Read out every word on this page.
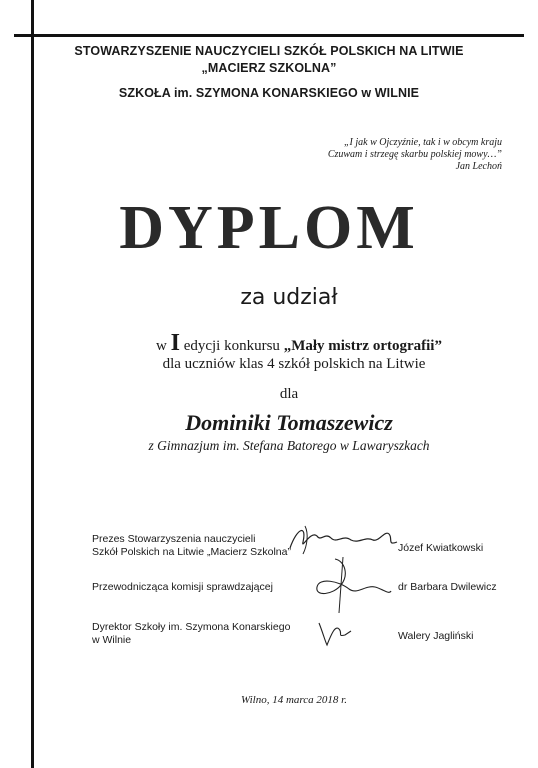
STOWARZYSZENIE NAUCZYCIELI SZKÓŁ POLSKICH NA LITWIE
„MACIERZ SZKOLNA”
SZKOŁA im. SZYMONA KONARSKIEGO w WILNIE
„I jak w Ojczyźnie, tak i w obcym kraju
Czuwam i strzegę skarbu polskiej mowy…”
Jan Lechoń
DYPLOM
za udział
w I edycji konkursu „Mały mistrz ortografii”
dla uczniów klas 4 szkół polskich na Litwie
dla
Dominiki Tomaszewicz
z Gimnazjum im. Stefana Batorego w Lawaryszkach
Prezes Stowarzyszenia nauczycieli
Szkół Polskich na Litwie „Macierz Szkolna”	Józef Kwiatkowski
Przewodnicząca komisji sprawdzającej	dr Barbara Dwilewicz
Dyrektor Szkoły im. Szymona Konarskiego
w Wilnie	Walery Jagliński
Wilno, 14 marca 2018 r.
